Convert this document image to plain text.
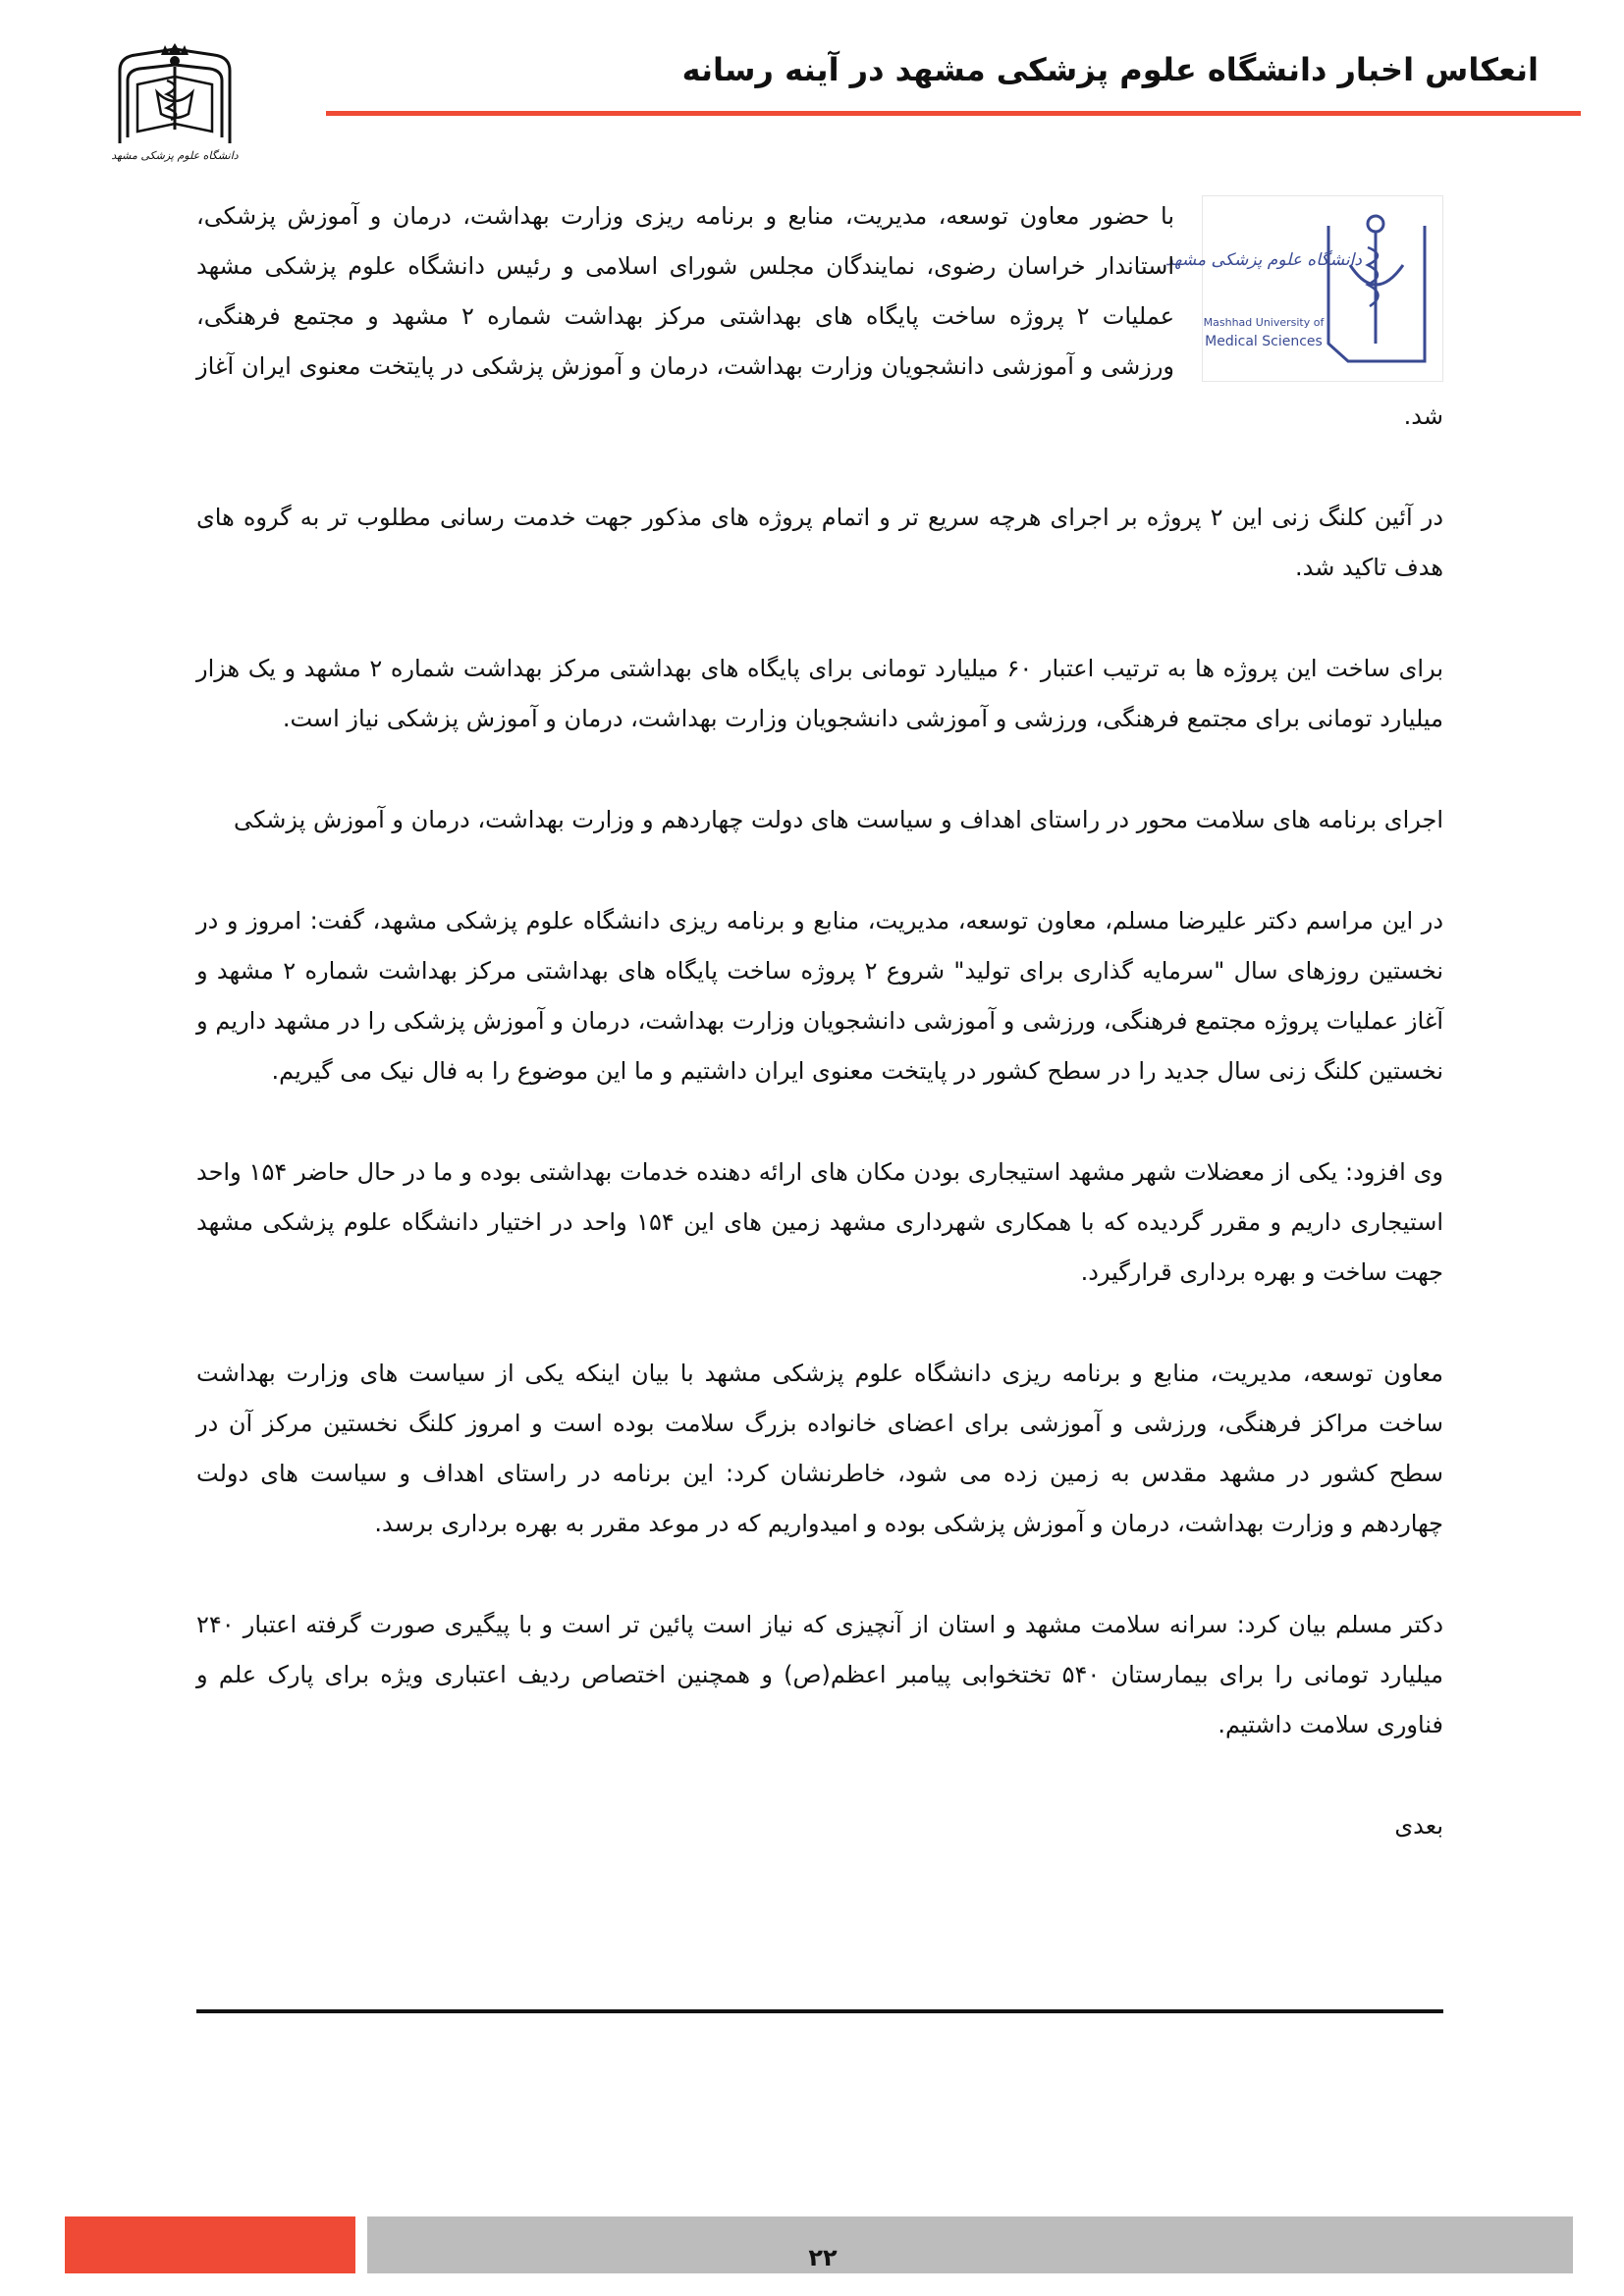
انعکاس اخبار دانشگاه علوم پزشکی مشهد در آینه رسانه
دانشگاه علوم پزشکی مشهد

دانشگاه علوم پزشکی مشهد
Mashhad University of
Medical Sciences
با حضور معاون توسعه، مدیریت، منابع و برنامه ریزی وزارت بهداشت، درمان و آموزش پزشکی، استاندار خراسان رضوی، نمایندگان مجلس شورای اسلامی و رئیس دانشگاه علوم پزشکی مشهد عملیات ۲ پروژه ساخت پایگاه های بهداشتی مرکز بهداشت شماره ۲ مشهد و مجتمع فرهنگی، ورزشی و آموزشی دانشجویان وزارت بهداشت، درمان و آموزش پزشکی در پایتخت معنوی ایران آغاز شد.

در آئین کلنگ زنی این ۲ پروژه بر اجرای هرچه سریع تر و اتمام پروژه های مذکور جهت خدمت رسانی مطلوب تر به گروه های هدف تاکید شد.

برای ساخت این پروژه ها به ترتیب اعتبار ۶۰ میلیارد تومانی برای پایگاه های بهداشتی مرکز بهداشت شماره ۲ مشهد و یک هزار میلیارد تومانی برای مجتمع فرهنگی، ورزشی و آموزشی دانشجویان وزارت بهداشت، درمان و آموزش پزشکی نیاز است.

اجرای برنامه های سلامت محور در راستای اهداف و سیاست های دولت چهاردهم و وزارت بهداشت، درمان و آموزش پزشکی

در این مراسم دکتر علیرضا مسلم، معاون توسعه، مدیریت، منابع و برنامه ریزی دانشگاه علوم پزشکی مشهد، گفت: امروز و در نخستین روزهای سال "سرمایه گذاری برای تولید" شروع ۲ پروژه ساخت پایگاه های بهداشتی مرکز بهداشت شماره ۲ مشهد و آغاز عملیات پروژه مجتمع فرهنگی، ورزشی و آموزشی دانشجویان وزارت بهداشت، درمان و آموزش پزشکی را در مشهد داریم و نخستین کلنگ زنی سال جدید را در سطح کشور در پایتخت معنوی ایران داشتیم و ما این موضوع را به فال نیک می گیریم.

وی افزود: یکی از معضلات شهر مشهد استیجاری بودن مکان های ارائه دهنده خدمات بهداشتی بوده و ما در حال حاضر ۱۵۴ واحد استیجاری داریم و مقرر گردیده که با همکاری شهرداری مشهد زمین های این ۱۵۴ واحد در اختیار دانشگاه علوم پزشکی مشهد جهت ساخت و بهره برداری قرارگیرد.

معاون توسعه، مدیریت، منابع و برنامه ریزی دانشگاه علوم پزشکی مشهد با بیان اینکه یکی از سیاست های وزارت بهداشت ساخت مراکز فرهنگی، ورزشی و آموزشی برای اعضای خانواده بزرگ سلامت بوده است و امروز کلنگ نخستین مرکز آن در سطح کشور در مشهد مقدس به زمین زده می شود، خاطرنشان کرد: این برنامه در راستای اهداف و سیاست های دولت چهاردهم و وزارت بهداشت، درمان و آموزش پزشکی بوده و امیدواریم که در موعد مقرر به بهره برداری برسد.

دکتر مسلم بیان کرد: سرانه سلامت مشهد و استان از آنچیزی که نیاز است پائین تر است و با پیگیری صورت گرفته اعتبار ۲۴۰ میلیارد تومانی را برای بیمارستان ۵۴۰ تختخوابی پیامبر اعظم(ص) و همچنین اختصاص ردیف اعتباری ویژه برای پارک علم و فناوری سلامت داشتیم.

بعدی

۲۲
